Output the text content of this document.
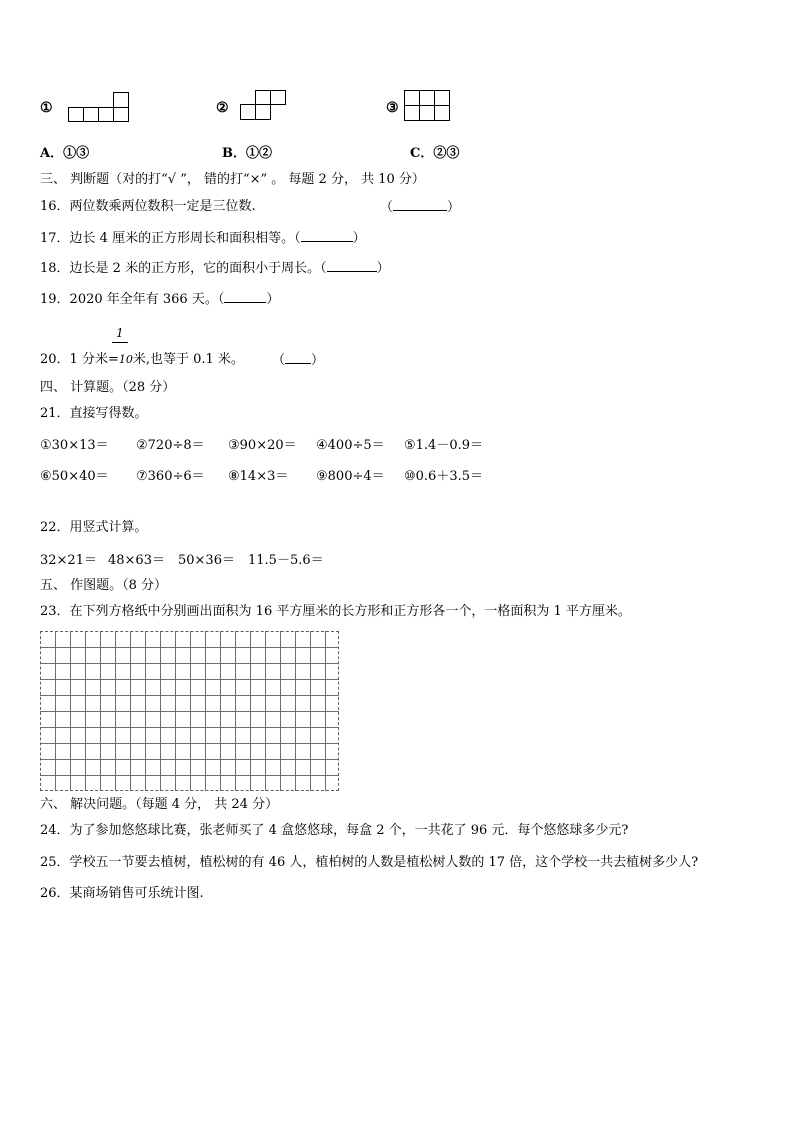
①	②	③
A．①③	B．①②	C．②③
三、 判断题（对的打“√ ”， 错的打“×” 。 每题 2 分， 共 10 分）
16．两位数乘两位数积一定是三位数.	（	）
17．边长 4 厘米的正方形周长和面积相等。（	）
18．边长是 2 米的正方形，它的面积小于周长。（	）
19．2020 年全年有 366 天。（	）
1
20．1 分米=10米,也等于 0.1 米。 （ ）
四、 计算题。（28 分）
21．直接写得数。
①30×13＝ ②720÷8＝ ③90×20＝ ④400÷5＝ ⑤1.4－0.9＝
⑥50×40＝ ⑦360÷6＝ ⑧14×3＝ ⑨800÷4＝ ⑩0.6＋3.5＝
22．用竖式计算。
32×21＝ 48×63＝ 50×36＝ 11.5－5.6＝
五、 作图题。（8 分）
23．在下列方格纸中分别画出面积为 16 平方厘米的长方形和正方形各一个，一格面积为 1 平方厘米。
六、 解决问题。（每题 4 分， 共 24 分）
24．为了参加悠悠球比赛，张老师买了 4 盒悠悠球，每盒 2 个，一共花了 96 元．每个悠悠球多少元?
25．学校五一节要去植树，植松树的有 46 人，植柏树的人数是植松树人数的 17 倍，这个学校一共去植树多少人?
26．某商场销售可乐统计图.
